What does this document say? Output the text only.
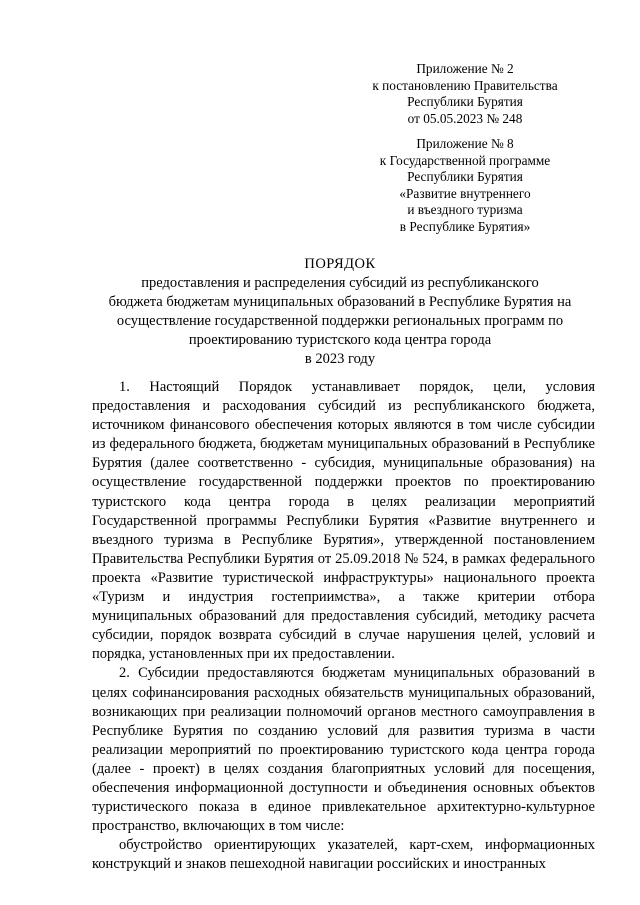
Приложение № 2
к постановлению Правительства
Республики Бурятия
от 05.05.2023 № 248
Приложение № 8
к Государственной программе
Республики Бурятия
«Развитие внутреннего
и въездного туризма
в Республике Бурятия»
ПОРЯДОК
предоставления и распределения субсидий из республиканского
бюджета бюджетам муниципальных образований в Республике Бурятия на
осуществление государственной поддержки региональных программ по
проектированию туристского кода центра города
в 2023 году

1. Настоящий Порядок устанавливает порядок, цели, условия предоставления и расходования субсидий из республиканского бюджета, источником финансового обеспечения которых являются в том числе субсидии из федерального бюджета, бюджетам муниципальных образований в Республике Бурятия (далее соответственно - субсидия, муниципальные образования) на осуществление государственной поддержки проектов по проектированию туристского кода центра города в целях реализации мероприятий Государственной программы Республики Бурятия «Развитие внутреннего и въездного туризма в Республике Бурятия», утвержденной постановлением Правительства Республики Бурятия от 25.09.2018 № 524, в рамках федерального проекта «Развитие туристической инфраструктуры» национального проекта «Туризм и индустрия гостеприимства», а также критерии отбора муниципальных образований для предоставления субсидий, методику расчета субсидии, порядок возврата субсидий в случае нарушения целей, условий и порядка, установленных при их предоставлении.

2. Субсидии предоставляются бюджетам муниципальных образований в целях софинансирования расходных обязательств муниципальных образований, возникающих при реализации полномочий органов местного самоуправления в Республике Бурятия по созданию условий для развития туризма в части реализации мероприятий по проектированию туристского кода центра города (далее - проект) в целях создания благоприятных условий для посещения, обеспечения информационной доступности и объединения основных объектов туристического показа в единое привлекательное архитектурно-культурное пространство, включающих в том числе:

обустройство ориентирующих указателей, карт-схем, информационных конструкций и знаков пешеходной навигации российских и иностранных
